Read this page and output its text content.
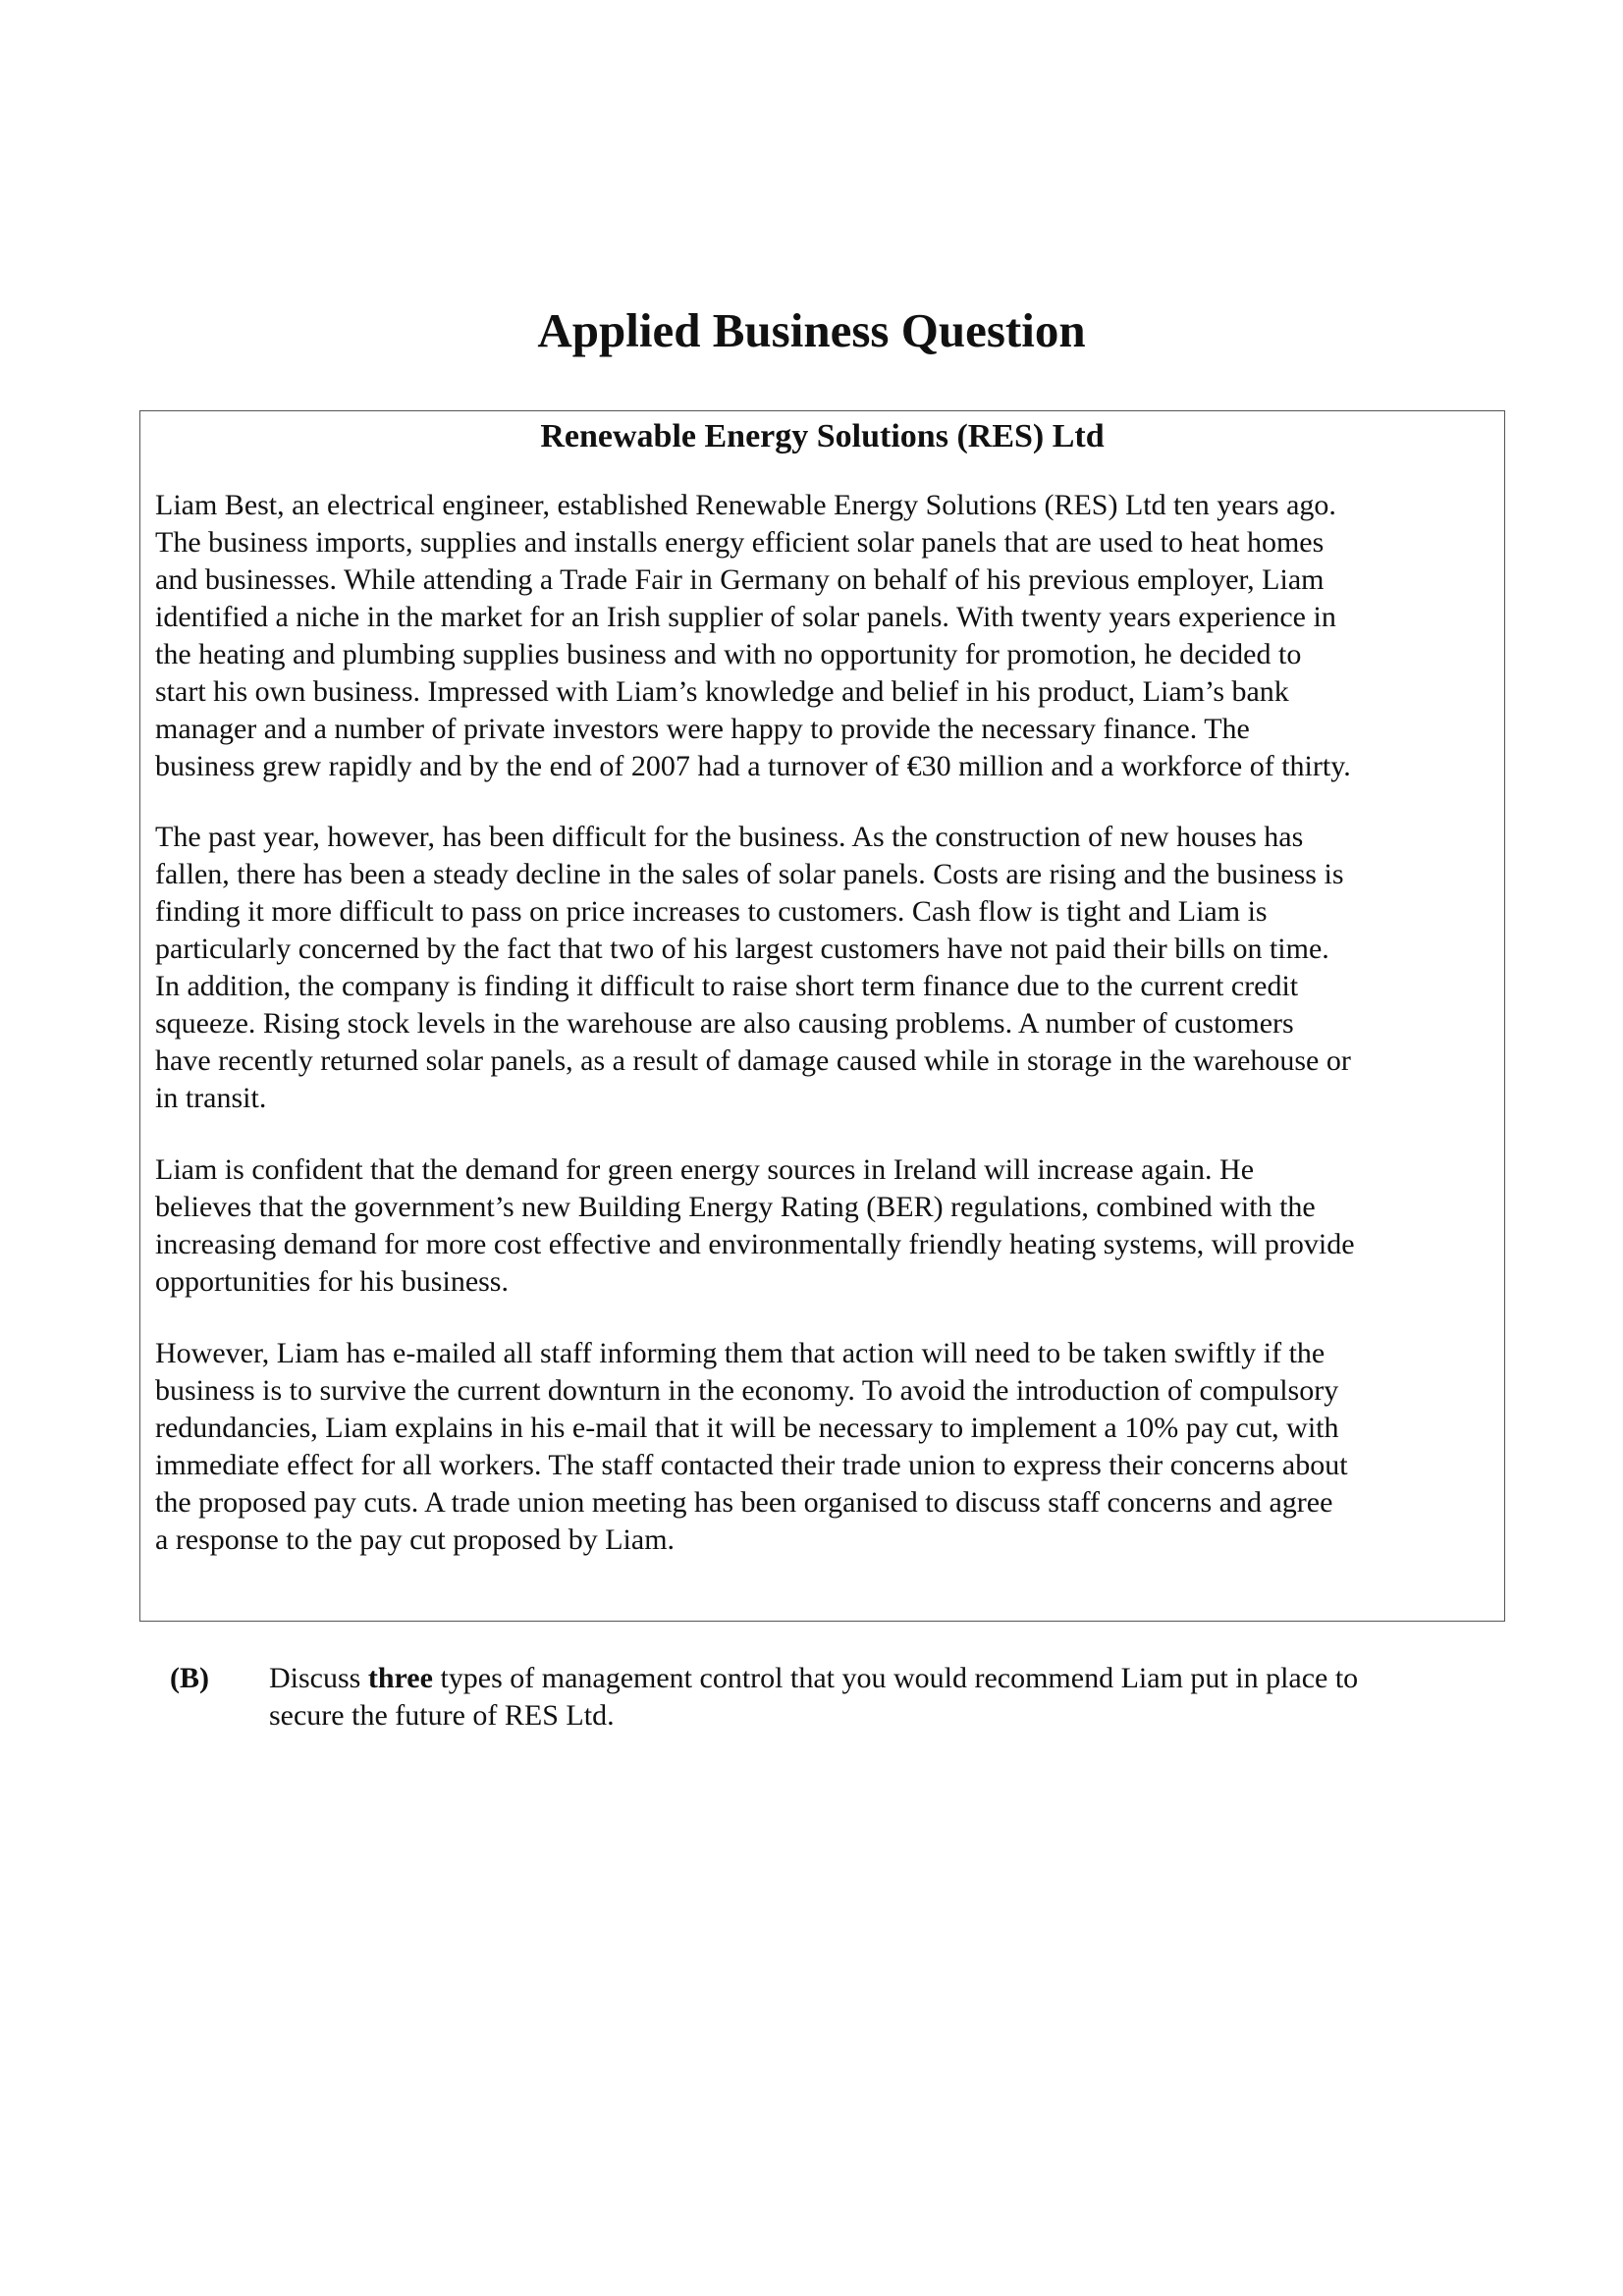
Applied Business Question
Renewable Energy Solutions (RES) Ltd
Liam Best, an electrical engineer, established Renewable Energy Solutions (RES) Ltd ten years ago.
The business imports, supplies and installs energy efficient solar panels that are used to heat homes
and businesses. While attending a Trade Fair in Germany on behalf of his previous employer, Liam
identified a niche in the market for an Irish supplier of solar panels. With twenty years experience in
the heating and plumbing supplies business and with no opportunity for promotion, he decided to
start his own business. Impressed with Liam’s knowledge and belief in his product, Liam’s bank
manager and a number of private investors were happy to provide the necessary finance. The
business grew rapidly and by the end of 2007 had a turnover of €30 million and a workforce of thirty.
The past year, however, has been difficult for the business. As the construction of new houses has
fallen, there has been a steady decline in the sales of solar panels. Costs are rising and the business is
finding it more difficult to pass on price increases to customers. Cash flow is tight and Liam is
particularly concerned by the fact that two of his largest customers have not paid their bills on time.
In addition, the company is finding it difficult to raise short term finance due to the current credit
squeeze. Rising stock levels in the warehouse are also causing problems. A number of customers
have recently returned solar panels, as a result of damage caused while in storage in the warehouse or
in transit.
Liam is confident that the demand for green energy sources in Ireland will increase again. He
believes that the government’s new Building Energy Rating (BER) regulations, combined with the
increasing demand for more cost effective and environmentally friendly heating systems, will provide
opportunities for his business.
However, Liam has e-mailed all staff informing them that action will need to be taken swiftly if the
business is to survive the current downturn in the economy. To avoid the introduction of compulsory
redundancies, Liam explains in his e-mail that it will be necessary to implement a 10% pay cut, with
immediate effect for all workers. The staff contacted their trade union to express their concerns about
the proposed pay cuts. A trade union meeting has been organised to discuss staff concerns and agree
a response to the pay cut proposed by Liam.
(B) Discuss three types of management control that you would recommend Liam put in place to
secure the future of RES Ltd.
